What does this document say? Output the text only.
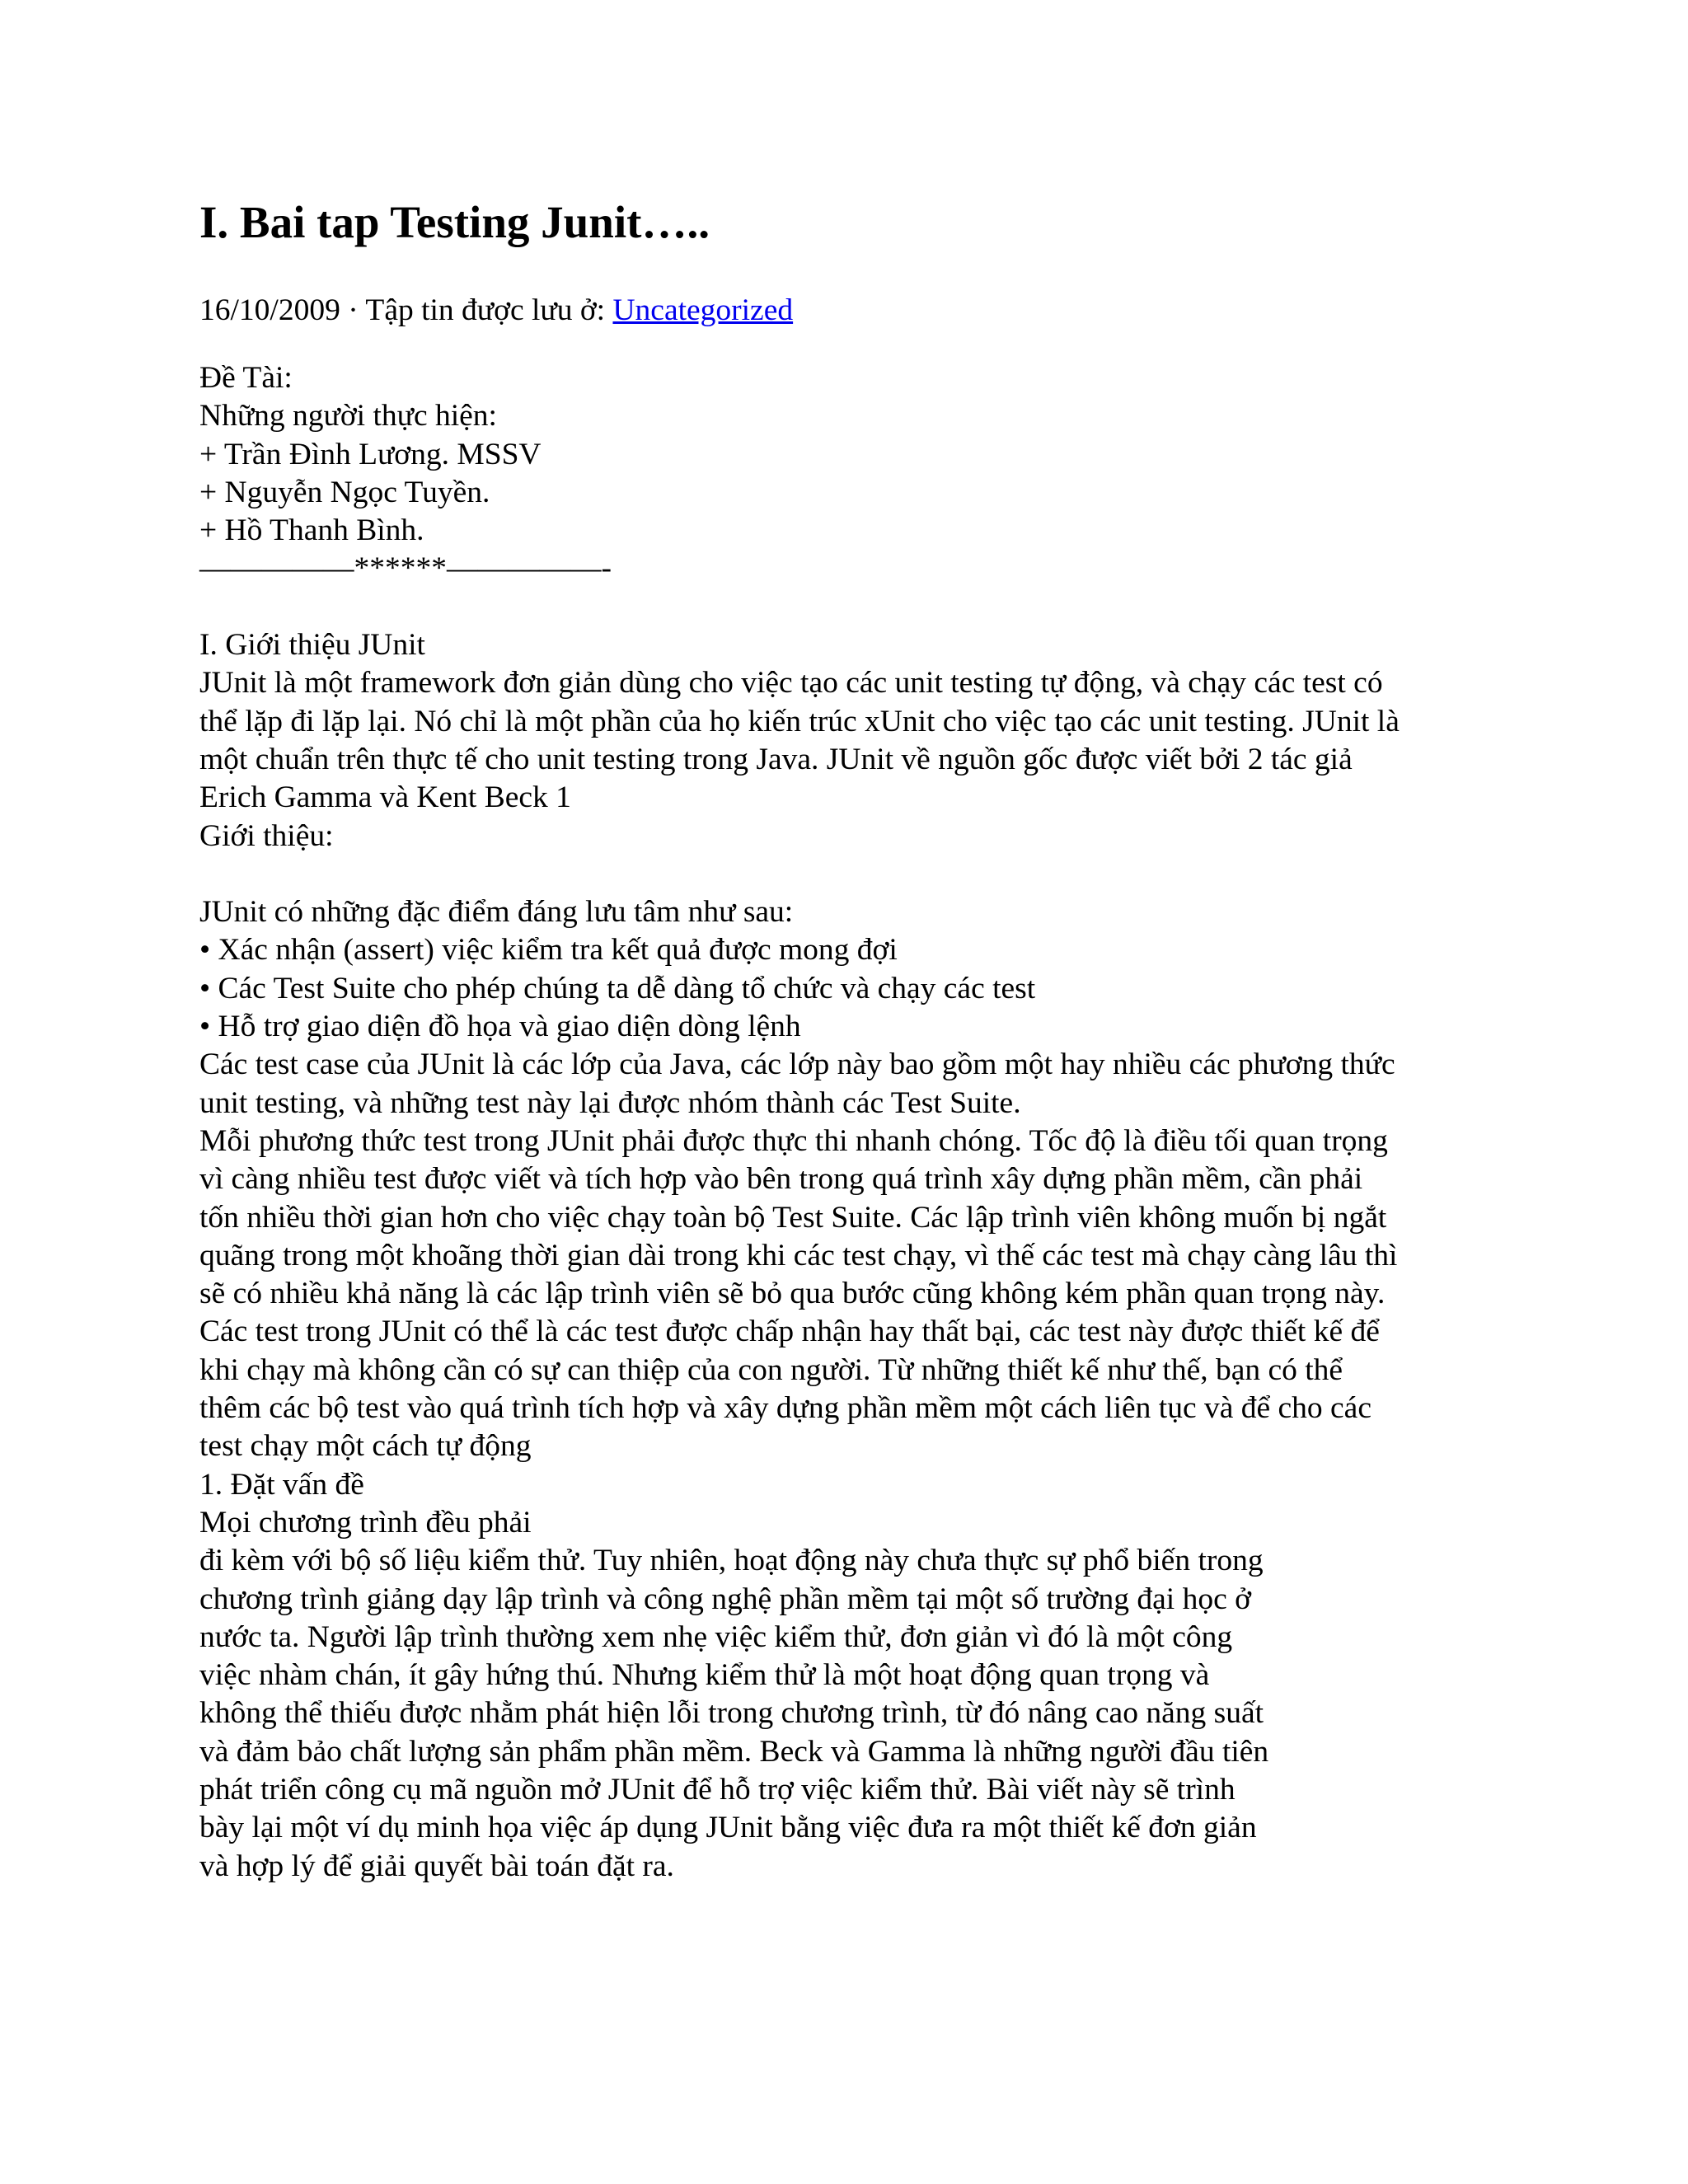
I. Bai tap Testing Junit…..
16/10/2009 · Tập tin được lưu ở: Uncategorized
Đề Tài:
Những người thực hiện:
+ Trần Đình Lương. MSSV
+ Nguyễn Ngọc Tuyền.
+ Hồ Thanh Bình.
—————******—————-
I. Giới thiệu JUnit
JUnit là một framework đơn giản dùng cho việc tạo các unit testing tự động, và chạy các test có
thể lặp đi lặp lại. Nó chỉ là một phần của họ kiến trúc xUnit cho việc tạo các unit testing. JUnit là
một chuẩn trên thực tế cho unit testing trong Java. JUnit về nguồn gốc được viết bởi 2 tác giả
Erich Gamma và Kent Beck 1
Giới thiệu:
JUnit có những đặc điểm đáng lưu tâm như sau:
• Xác nhận (assert) việc kiểm tra kết quả được mong đợi
• Các Test Suite cho phép chúng ta dễ dàng tổ chức và chạy các test
• Hỗ trợ giao diện đồ họa và giao diện dòng lệnh
Các test case của JUnit là các lớp của Java, các lớp này bao gồm một hay nhiều các phương thức
unit testing, và những test này lại được nhóm thành các Test Suite.
Mỗi phương thức test trong JUnit phải được thực thi nhanh chóng. Tốc độ là điều tối quan trọng
vì càng nhiều test được viết và tích hợp vào bên trong quá trình xây dựng phần mềm, cần phải
tốn nhiều thời gian hơn cho việc chạy toàn bộ Test Suite. Các lập trình viên không muốn bị ngắt
quãng trong một khoãng thời gian dài trong khi các test chạy, vì thế các test mà chạy càng lâu thì
sẽ có nhiều khả năng là các lập trình viên sẽ bỏ qua bước cũng không kém phần quan trọng này.
Các test trong JUnit có thể là các test được chấp nhận hay thất bại, các test này được thiết kế để
khi chạy mà không cần có sự can thiệp của con người. Từ những thiết kế như thế, bạn có thể
thêm các bộ test vào quá trình tích hợp và xây dựng phần mềm một cách liên tục và để cho các
test chạy một cách tự động
1. Đặt vấn đề
Mọi chương trình đều phải
đi kèm với bộ số liệu kiểm thử. Tuy nhiên, hoạt động này chưa thực sự phổ biến trong
chương trình giảng dạy lập trình và công nghệ phần mềm tại một số trường đại học ở
nước ta. Người lập trình thường xem nhẹ việc kiểm thử, đơn giản vì đó là một công
việc nhàm chán, ít gây hứng thú. Nhưng kiểm thử là một hoạt động quan trọng và
không thể thiếu được nhằm phát hiện lỗi trong chương trình, từ đó nâng cao năng suất
và đảm bảo chất lượng sản phẩm phần mềm. Beck và Gamma là những người đầu tiên
phát triển công cụ mã nguồn mở JUnit để hỗ trợ việc kiểm thử. Bài viết này sẽ trình
bày lại một ví dụ minh họa việc áp dụng JUnit bằng việc đưa ra một thiết kế đơn giản
và hợp lý để giải quyết bài toán đặt ra.
